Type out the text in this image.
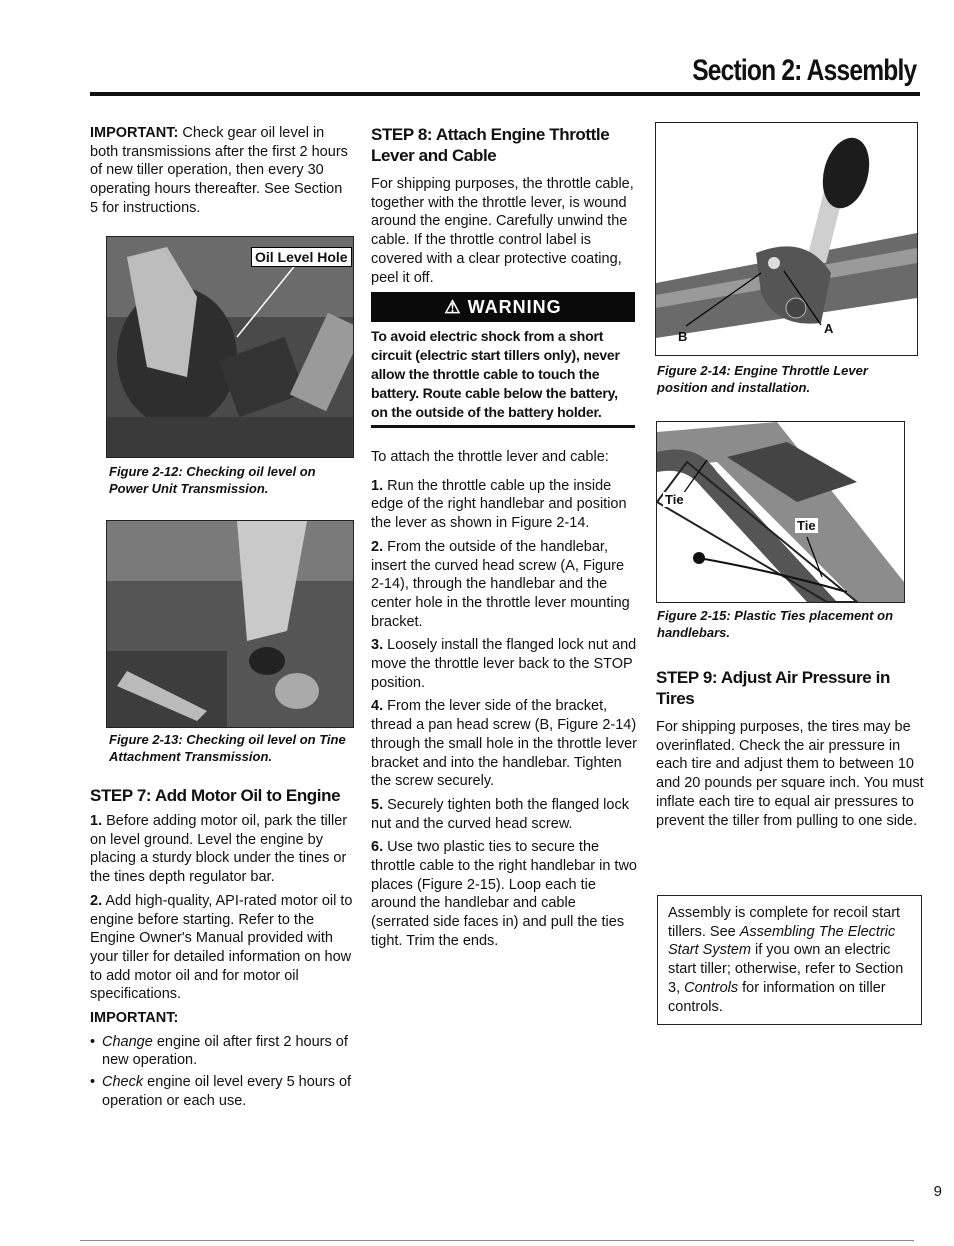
Section 2: Assembly

IMPORTANT: Check gear oil level in both transmissions after the first 2 hours of new tiller operation, then every 30 operating hours thereafter. See Section 5 for instructions.

Oil Level Hole
Figure 2-12: Checking oil level on Power Unit Transmission.
Figure 2-13: Checking oil level on Tine Attachment Transmission.
STEP 7: Add Motor Oil to Engine

1. Before adding motor oil, park the tiller on level ground. Level the engine by placing a sturdy block under the tines or the tines depth regulator bar.

2. Add high-quality, API-rated motor oil to engine before starting. Refer to the Engine Owner's Manual provided with your tiller for detailed information on how to add motor oil and for motor oil specifications.

IMPORTANT:

• Change engine oil after first 2 hours of new operation.
• Check engine oil level every 5 hours of operation or each use.
STEP 8: Attach Engine Throttle Lever and Cable
For shipping purposes, the throttle cable, together with the throttle lever, is wound around the engine. Carefully unwind the cable. If the throttle control label is covered with a clear protective coating, peel it off.
⚠ WARNING
To avoid electric shock from a short circuit (electric start tillers only), never allow the throttle cable to touch the battery. Route cable below the battery, on the outside of the battery holder.

To attach the throttle lever and cable:

1. Run the throttle cable up the inside edge of the right handlebar and position the lever as shown in Figure 2-14.

2. From the outside of the handlebar, insert the curved head screw (A, Figure 2-14), through the handlebar and the center hole in the throttle lever mounting bracket.

3. Loosely install the flanged lock nut and move the throttle lever back to the STOP position.

4. From the lever side of the bracket, thread a pan head screw (B, Figure 2-14) through the small hole in the throttle lever bracket and into the handlebar. Tighten the screw securely.

5. Securely tighten both the flanged lock nut and the curved head screw.

6. Use two plastic ties to secure the throttle cable to the right handlebar in two places (Figure 2-15). Loop each tie around the handlebar and cable (serrated side faces in) and pull the ties tight. Trim the ends.

B
A
Figure 2-14: Engine Throttle Lever position and installation.
Tie
Tie
Figure 2-15: Plastic Ties placement on handlebars.
STEP 9: Adjust Air Pressure in Tires
For shipping purposes, the tires may be overinflated. Check the air pressure in each tire and adjust them to between 10 and 20 pounds per square inch. You must inflate each tire to equal air pressures to prevent the tiller from pulling to one side.
Assembly is complete for recoil start tillers. See Assembling The Electric Start System if you own an electric start tiller; otherwise, refer to Section 3, Controls for information on tiller controls.
9
